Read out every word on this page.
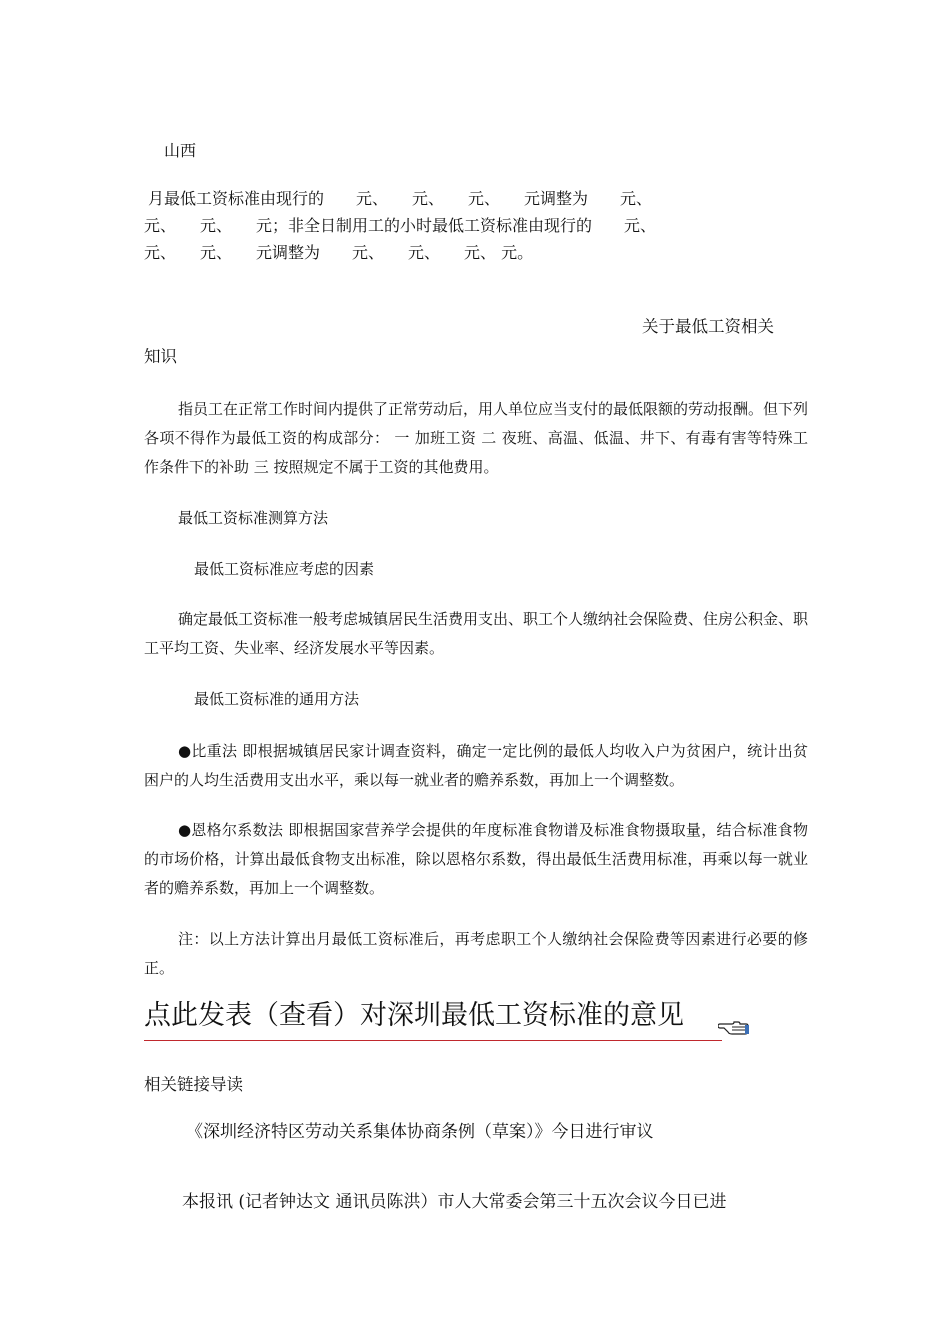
山西
月最低工资标准由现行的　　元、　　元、　　元、　　元调整为　　元、
元、　　元、　　元；非全日制用工的小时最低工资标准由现行的　　元、
元、　　元、　　元调整为　　元、　　元、　　元、 元。
关于最低工资相关
知识
指员工在正常工作时间内提供了正常劳动后，用人单位应当支付的最低限额的劳动报酬。但下列各项不得作为最低工资的构成部分： 一 加班工资 二 夜班、高温、低温、井下、有毒有害等特殊工作条件下的补助 三 按照规定不属于工资的其他费用。
最低工资标准测算方法
最低工资标准应考虑的因素
确定最低工资标准一般考虑城镇居民生活费用支出、职工个人缴纳社会保险费、住房公积金、职工平均工资、失业率、经济发展水平等因素。
最低工资标准的通用方法
●比重法 即根据城镇居民家计调查资料，确定一定比例的最低人均收入户为贫困户，统计出贫困户的人均生活费用支出水平，乘以每一就业者的赡养系数，再加上一个调整数。
●恩格尔系数法 即根据国家营养学会提供的年度标准食物谱及标准食物摄取量，结合标准食物的市场价格，计算出最低食物支出标准，除以恩格尔系数，得出最低生活费用标准，再乘以每一就业者的赡养系数，再加上一个调整数。
注：以上方法计算出月最低工资标准后，再考虑职工个人缴纳社会保险费等因素进行必要的修正。
点此发表（查看）对深圳最低工资标准的意见
相关链接导读
《深圳经济特区劳动关系集体协商条例（草案）》今日进行审议
本报讯 (记者钟达文 通讯员陈洪）市人大常委会第三十五次会议今日已进
